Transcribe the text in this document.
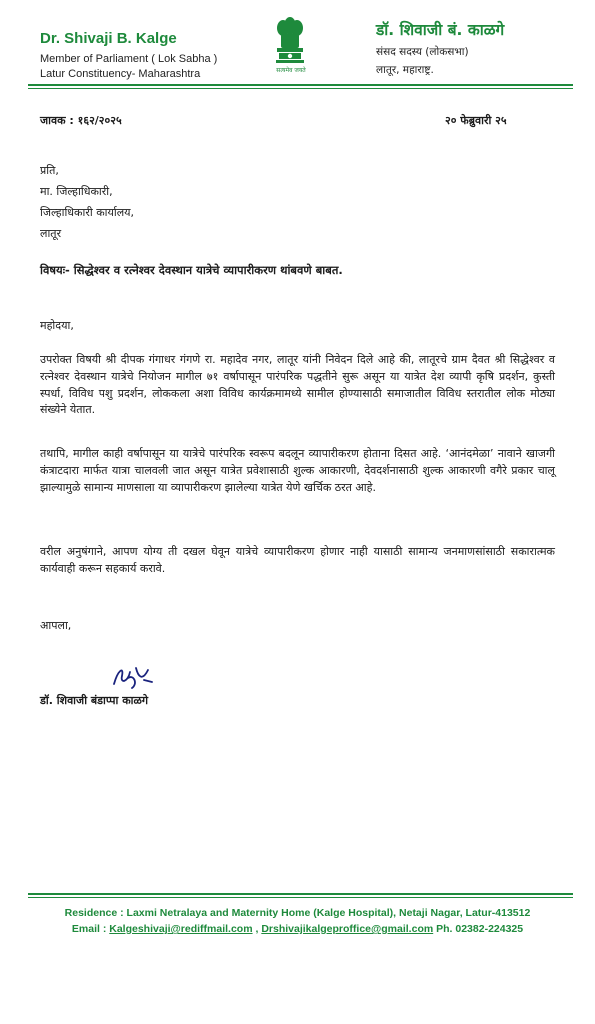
Dr. Shivaji B. Kalge
Member of Parliament ( Lok Sabha )
Latur Constituency- Maharashtra	सत्यमेव जयते
डॉ. शिवाजी बं. काळगे
संसद सदस्य (लोकसभा)
लातूर, महाराष्ट्र.
जावक : १६२/२०२५	२० फेब्रुवारी २५
प्रति,
मा. जिल्हाधिकारी,
जिल्हाधिकारी कार्यालय,
लातूर
विषयः- सिद्धेश्वर व रत्नेश्वर देवस्थान यात्रेचे व्यापारीकरण थांबवणे बाबत.
महोदया,

उपरोक्त विषयी श्री दीपक गंगाधर गंगणे रा. महादेव नगर, लातूर यांनी निवेदन दिले आहे की, लातूरचे ग्राम दैवत श्री सिद्धेश्वर व रत्नेश्वर देवस्थान यात्रेचे नियोजन मागील ७१ वर्षापासून पारंपरिक पद्धतीने सुरू असून या यात्रेत देश व्यापी कृषि प्रदर्शन, कुस्ती स्पर्धा, विविध पशु प्रदर्शन, लोककला अशा विविध कार्यक्रमामध्ये सामील होण्यासाठी समाजातील विविध स्तरातील लोक मोठ्या संख्येने येतात.

तथापि, मागील काही वर्षापासून या यात्रेचे पारंपरिक स्वरूप बदलून व्यापारीकरण होताना दिसत आहे. ‘आनंदमेळा’ नावाने खाजगी कंत्राटदारा मार्फत यात्रा चालवली जात असून यात्रेत प्रवेशासाठी शुल्क आकारणी, देवदर्शनासाठी शुल्क आकारणी वगैरे प्रकार चालू झाल्यामुळे सामान्य माणसाला या व्यापारीकरण झालेल्या यात्रेत येणे खर्चिक ठरत आहे.

वरील अनुषंगाने, आपण योग्य ती दखल घेवून यात्रेचे व्यापारीकरण होणार नाही यासाठी सामान्य जनमाणसांसाठी सकारात्मक कार्यवाही करून सहकार्य करावे.

आपला,
डॉ. शिवाजी बंडाप्पा काळगे
Residence : Laxmi Netralaya and Maternity Home (Kalge Hospital), Netaji Nagar, Latur-413512
Email : Kalgeshivaji@rediffmail.com , Drshivajikalgeproffice@gmail.com Ph. 02382-224325
